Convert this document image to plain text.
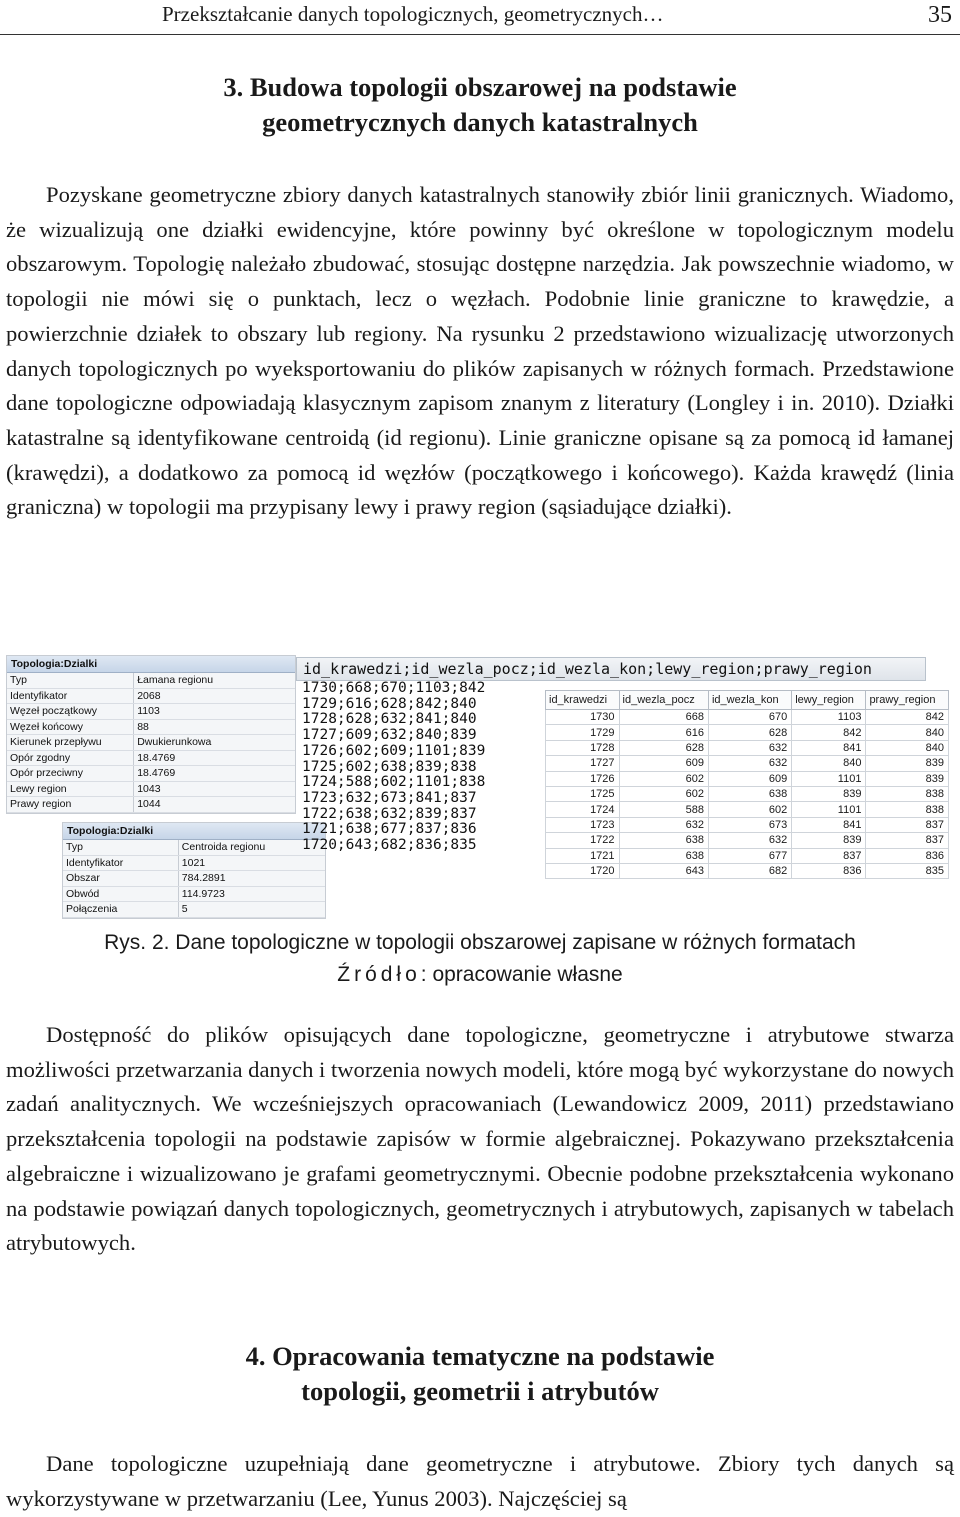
Przekształcanie danych topologicznych, geometrycznych…	35
3. Budowa topologii obszarowej na podstawie
geometrycznych danych katastralnych

Pozyskane geometryczne zbiory danych katastralnych stanowiły zbiór linii granicznych. Wiadomo, że wizualizują one działki ewidencyjne, które powinny być określone w topologicznym modelu obszarowym. Topologię należało zbudować, stosując dostępne narzędzia. Jak powszechnie wiadomo, w topologii nie mówi się o punktach, lecz o węzłach. Podobnie linie graniczne to krawędzie, a powierzchnie działek to obszary lub regiony. Na rysunku 2 przedstawiono wizualizację utworzonych danych topologicznych po wyeksportowaniu do plików zapisanych w różnych formach. Przedstawione dane topologiczne odpowiadają klasycznym zapisom znanym z literatury (Longley i in. 2010). Działki katastralne są identyfikowane centroidą (id regionu). Linie graniczne opisane są za pomocą id łamanej (krawędzi), a dodatkowo za pomocą id węzłów (początkowego i końcowego). Każda krawędź (linia graniczna) w topologii ma przypisany lewy i prawy region (sąsiadujące działki).

Topologia:Dzialki
Typ	Łamana regionu
Identyfikator	2068
Węzeł początkowy	1103
Węzeł końcowy	88
Kierunek przepływu	Dwukierunkowa
Opór zgodny	18.4769
Opór przeciwny	18.4769
Lewy region	1043
Prawy region	1044
Topologia:Dzialki
Typ	Centroida regionu
Identyfikator	1021
Obszar	784.2891
Obwód	114.9723
Połączenia	5
id_krawedzi;id_wezla_pocz;id_wezla_kon;lewy_region;prawy_region
1730;668;670;1103;842
1729;616;628;842;840
1728;628;632;841;840
1727;609;632;840;839
1726;602;609;1101;839
1725;602;638;839;838
1724;588;602;1101;838
1723;632;673;841;837
1722;638;632;839;837
1721;638;677;837;836
1720;643;682;836;835
id_krawedzi	id_wezla_pocz	id_wezla_kon	lewy_region	prawy_region
1730	668	670	1103	842
1729	616	628	842	840
1728	628	632	841	840
1727	609	632	840	839
1726	602	609	1101	839
1725	602	638	839	838
1724	588	602	1101	838
1723	632	673	841	837
1722	638	632	839	837
1721	638	677	837	836
1720	643	682	836	835
Rys. 2. Dane topologiczne w topologii obszarowej zapisane w różnych formatach
Źródło: opracowanie własne

Dostępność do plików opisujących dane topologiczne, geometryczne i atrybutowe stwarza możliwości przetwarzania danych i tworzenia nowych modeli, które mogą być wykorzystane do nowych zadań analitycznych. We wcześniejszych opracowaniach (Lewandowicz 2009, 2011) przedstawiano przekształcenia topologii na podstawie zapisów w formie algebraicznej. Pokazywano przekształcenia algebraiczne i wizualizowano je grafami geometrycznymi. Obecnie podobne przekształcenia wykonano na podstawie powiązań danych topologicznych, geometrycznych i atrybutowych, zapisanych w tabelach atrybutowych.

4. Opracowania tematyczne na podstawie
topologii, geometrii i atrybutów

Dane topologiczne uzupełniają dane geometryczne i atrybutowe. Zbiory tych danych są wykorzystywane w przetwarzaniu (Lee, Yunus 2003). Najczęściej są
